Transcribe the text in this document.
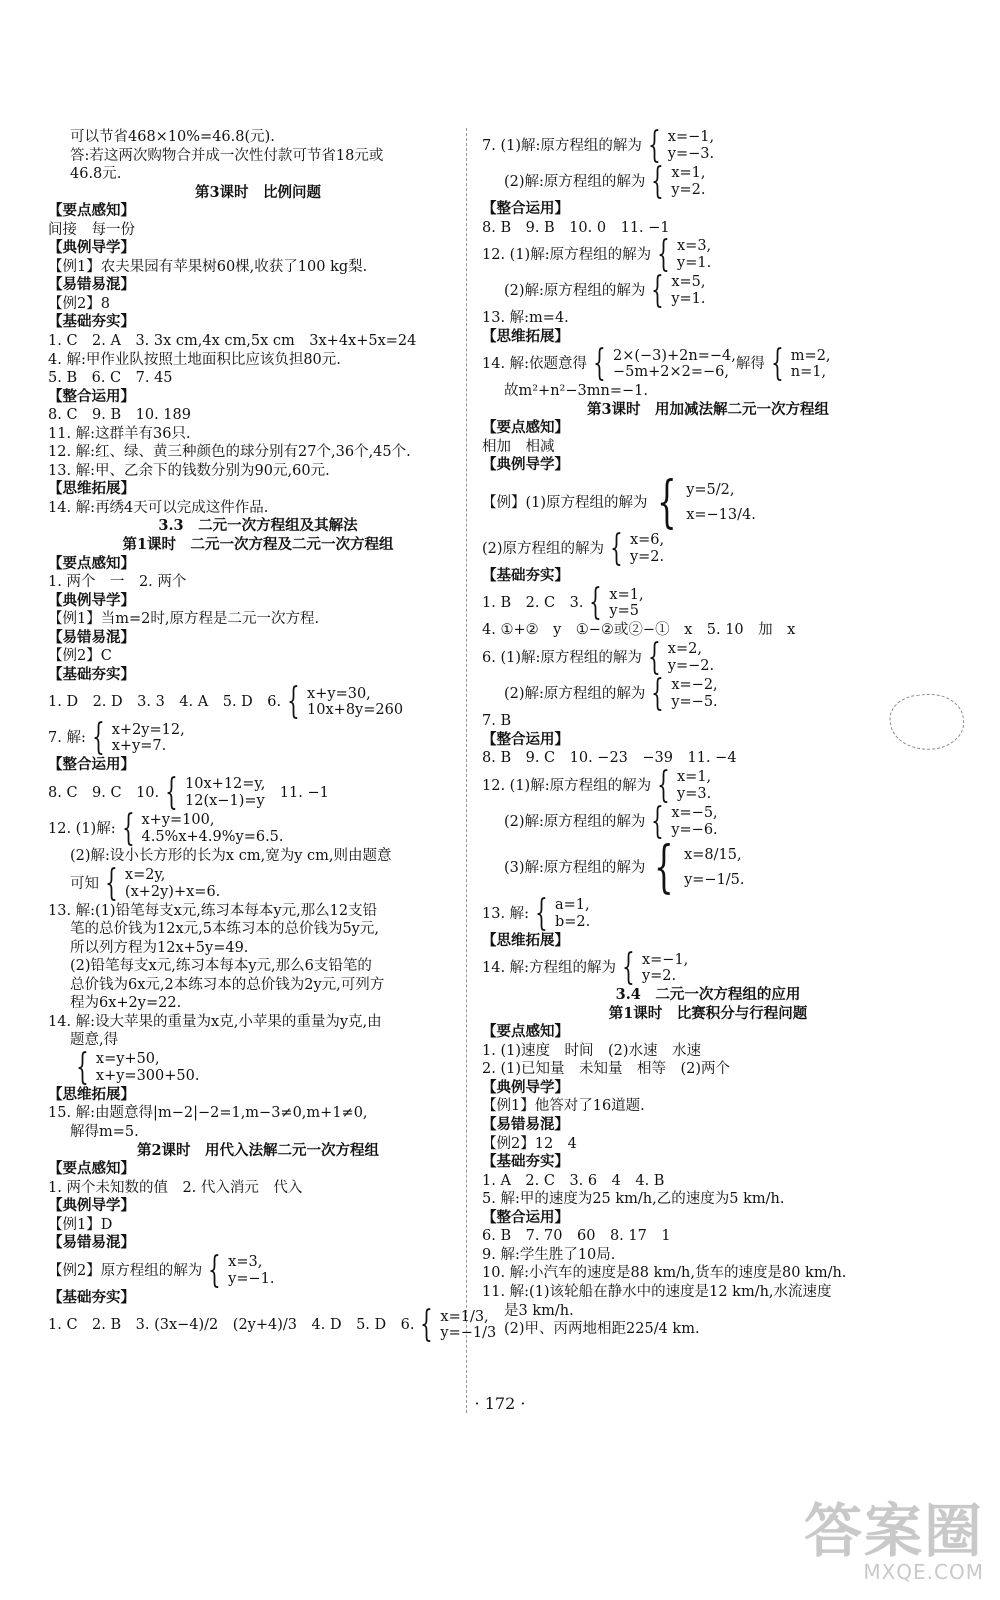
可以节省468×10%=46.8(元).
答:若这两次购物合并成一次性付款可节省18元或
46.8元.
第3课时　比例问题
【要点感知】
间接　每一份
【典例导学】
【例1】农夫果园有苹果树60棵,收获了100 kg梨.
【易错易混】
【例2】8
【基础夯实】
1. C　2. A　3. 3x cm,4x cm,5x cm　3x+4x+5x=24
4. 解:甲作业队按照土地面积比应该负担80元.
5. B　6. C　7. 45
【整合运用】
8. C　9. B　10. 189
11. 解:这群羊有36只.
12. 解:红、绿、黄三种颜色的球分别有27个,36个,45个.
13. 解:甲、乙余下的钱数分别为90元,60元.
【思维拓展】
14. 解:再绣4天可以完成这件作品.
3.3　二元一次方程组及其解法
第1课时　二元一次方程及二元一次方程组
【要点感知】
1. 两个　一　2. 两个
【典例导学】
【例1】当m=2时,原方程是二元一次方程.
【易错易混】
【例2】C
【基础夯实】
1. D　2. D　3. 3　4. A　5. D　6. { x+y=30,
10x+8y=260
7. 解: { x+2y=12,
x+y=7.
【整合运用】
8. C　9. C　10. { 10x+12=y,
12(x−1)=y 　11. −1
12. (1)解: { x+y=100,
4.5%x+4.9%y=6.5.
(2)解:设小长方形的长为x cm,宽为y cm,则由题意
可知 { x=2y,
(x+2y)+x=6.
13. 解:(1)铅笔每支x元,练习本每本y元,那么12支铅
笔的总价钱为12x元,5本练习本的总价钱为5y元,
所以列方程为12x+5y=49.
(2)铅笔每支x元,练习本每本y元,那么6支铅笔的
总价钱为6x元,2本练习本的总价钱为2y元,可列方
程为6x+2y=22.
14. 解:设大苹果的重量为x克,小苹果的重量为y克,由
题意,得
{ x=y+50,
x+y=300+50.
【思维拓展】
15. 解:由题意得|m−2|−2=1,m−3≠0,m+1≠0,
解得m=5.
第2课时　用代入法解二元一次方程组
【要点感知】
1. 两个未知数的值　2. 代入消元　代入
【典例导学】
【例1】D
【易错易混】
【例2】原方程组的解为 { x=3,
y=−1.
【基础夯实】
1. C　2. B　3. (3x−4)/2　(2y+4)/3　4. D　5. D　6. { x=1/3,
y=−1/3
7. (1)解:原方程组的解为 { x=−1,
y=−3.
(2)解:原方程组的解为 { x=1,
y=2.
【整合运用】
8. B　9. B　10. 0　11. −1
12. (1)解:原方程组的解为 { x=3,
y=1.
(2)解:原方程组的解为 { x=5,
y=1.
13. 解:m=4.
【思维拓展】
14. 解:依题意得 { 2×(−3)+2n=−4,
−5m+2×2=−6, 解得 { m=2,
n=1,
故m²+n²−3mn=−1.
第3课时　用加减法解二元一次方程组
【要点感知】
相加　相减
【典例导学】
【例】(1)原方程组的解为 { y=5/2,
x=−13/4.
(2)原方程组的解为 { x=6,
y=2.
【基础夯实】
1. B　2. C　3. { x=1,
y=5
4. ①+②　y　①−②或②−①　x　5. 10　加　x
6. (1)解:原方程组的解为 { x=2,
y=−2.
(2)解:原方程组的解为 { x=−2,
y=−5.
7. B
【整合运用】
8. B　9. C　10. −23　−39　11. −4
12. (1)解:原方程组的解为 { x=1,
y=3.
(2)解:原方程组的解为 { x=−5,
y=−6.
(3)解:原方程组的解为 { x=8/15,
y=−1/5.
13. 解: { a=1,
b=2.
【思维拓展】
14. 解:方程组的解为 { x=−1,
y=2.
3.4　二元一次方程组的应用
第1课时　比赛积分与行程问题
【要点感知】
1. (1)速度　时间　(2)水速　水速
2. (1)已知量　未知量　相等　(2)两个
【典例导学】
【例1】他答对了16道题.
【易错易混】
【例2】12　4
【基础夯实】
1. A　2. C　3. 6　4　4. B
5. 解:甲的速度为25 km/h,乙的速度为5 km/h.
【整合运用】
6. B　7. 70　60　8. 17　1
9. 解:学生胜了10局.
10. 解:小汽车的速度是88 km/h,货车的速度是80 km/h.
11. 解:(1)该轮船在静水中的速度是12 km/h,水流速度
是3 km/h.
(2)甲、丙两地相距225/4 km.
· 172 ·
答案圈
MXQE.COM
